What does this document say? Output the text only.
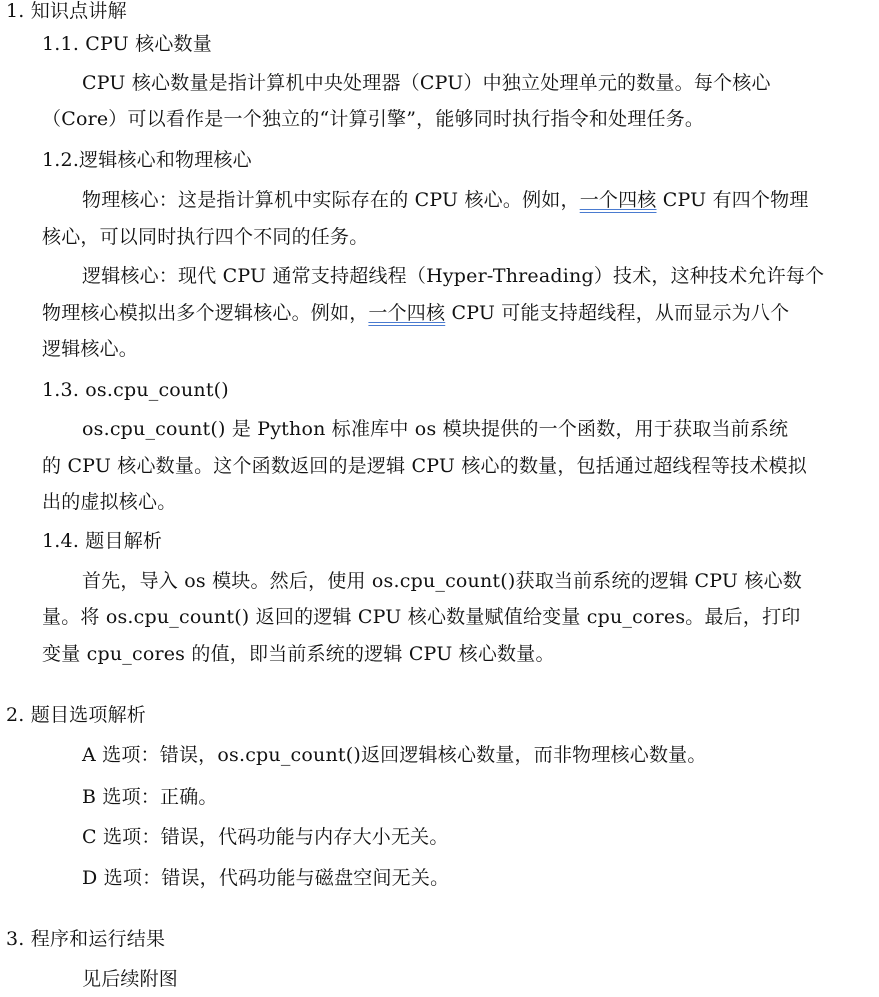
1. 知识点讲解
1.1. CPU 核心数量
CPU 核心数量是指计算机中央处理器（CPU）中独立处理单元的数量。每个核心
（Core）可以看作是一个独立的“计算引擎”，能够同时执行指令和处理任务。
1.2.逻辑核心和物理核心
物理核心：这是指计算机中实际存在的 CPU 核心。例如，一个四核 CPU 有四个物理
核心，可以同时执行四个不同的任务。
逻辑核心：现代 CPU 通常支持超线程（Hyper-Threading）技术，这种技术允许每个
物理核心模拟出多个逻辑核心。例如，一个四核 CPU 可能支持超线程，从而显示为八个
逻辑核心。
1.3. os.cpu_count()
os.cpu_count() 是 Python 标准库中 os 模块提供的一个函数，用于获取当前系统
的 CPU 核心数量。这个函数返回的是逻辑 CPU 核心的数量，包括通过超线程等技术模拟
出的虚拟核心。
1.4. 题目解析
首先，导入 os 模块。然后，使用 os.cpu_count()获取当前系统的逻辑 CPU 核心数
量。将 os.cpu_count() 返回的逻辑 CPU 核心数量赋值给变量 cpu_cores。最后，打印
变量 cpu_cores 的值，即当前系统的逻辑 CPU 核心数量。
2. 题目选项解析
A 选项：错误，os.cpu_count()返回逻辑核心数量，而非物理核心数量。
B 选项：正确。
C 选项：错误，代码功能与内存大小无关。
D 选项：错误，代码功能与磁盘空间无关。
3. 程序和运行结果
见后续附图
